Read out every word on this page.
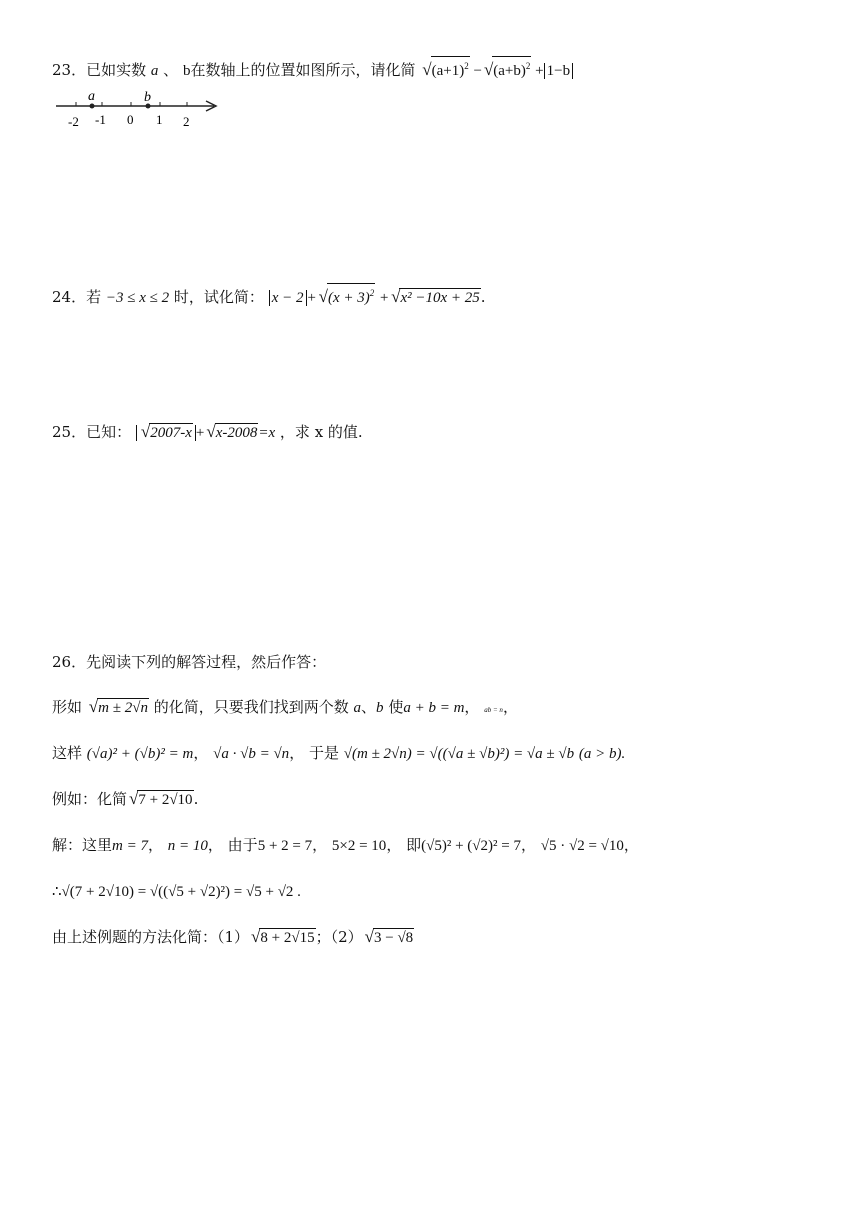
23．已如实数 a 、 b在数轴上的位置如图所示，请化简 $√(a+1)^2 - √(a+b)^2 + 1-b$
-2 -1 0 1 2
a	b
24．若 −3 ≤ x ≤ 2 时，试化简： $x - 2 + √(x + 3)^2 + √x^2 -10x + 25$.
25．已知： √2007-x + √x-2008=x ，求 x 的值.
26．先阅读下列的解答过程，然后作答：
形如 √m ± 2√n 的化简，只要我们找到两个数 a、b 使a + b = m， ab = n，
这样 (√a)² + (√b)² = m， √a · √b = √n， 于是 √(m ± 2√n) = √((√a ± √b)²) = √a ± √b (a > b).
例如：化简 √7 + 2√10.
解：这里m = 7， n = 10， 由于5 + 2 = 7， 5×2 = 10， 即(√5)² + (√2)² = 7， √5 · √2 = √10，
∴√(7 + 2√10) = √((√5 + √2)²) = √5 + √2 .
由上述例题的方法化简：（1） √8 + 2√15；（2） √3 − √8
